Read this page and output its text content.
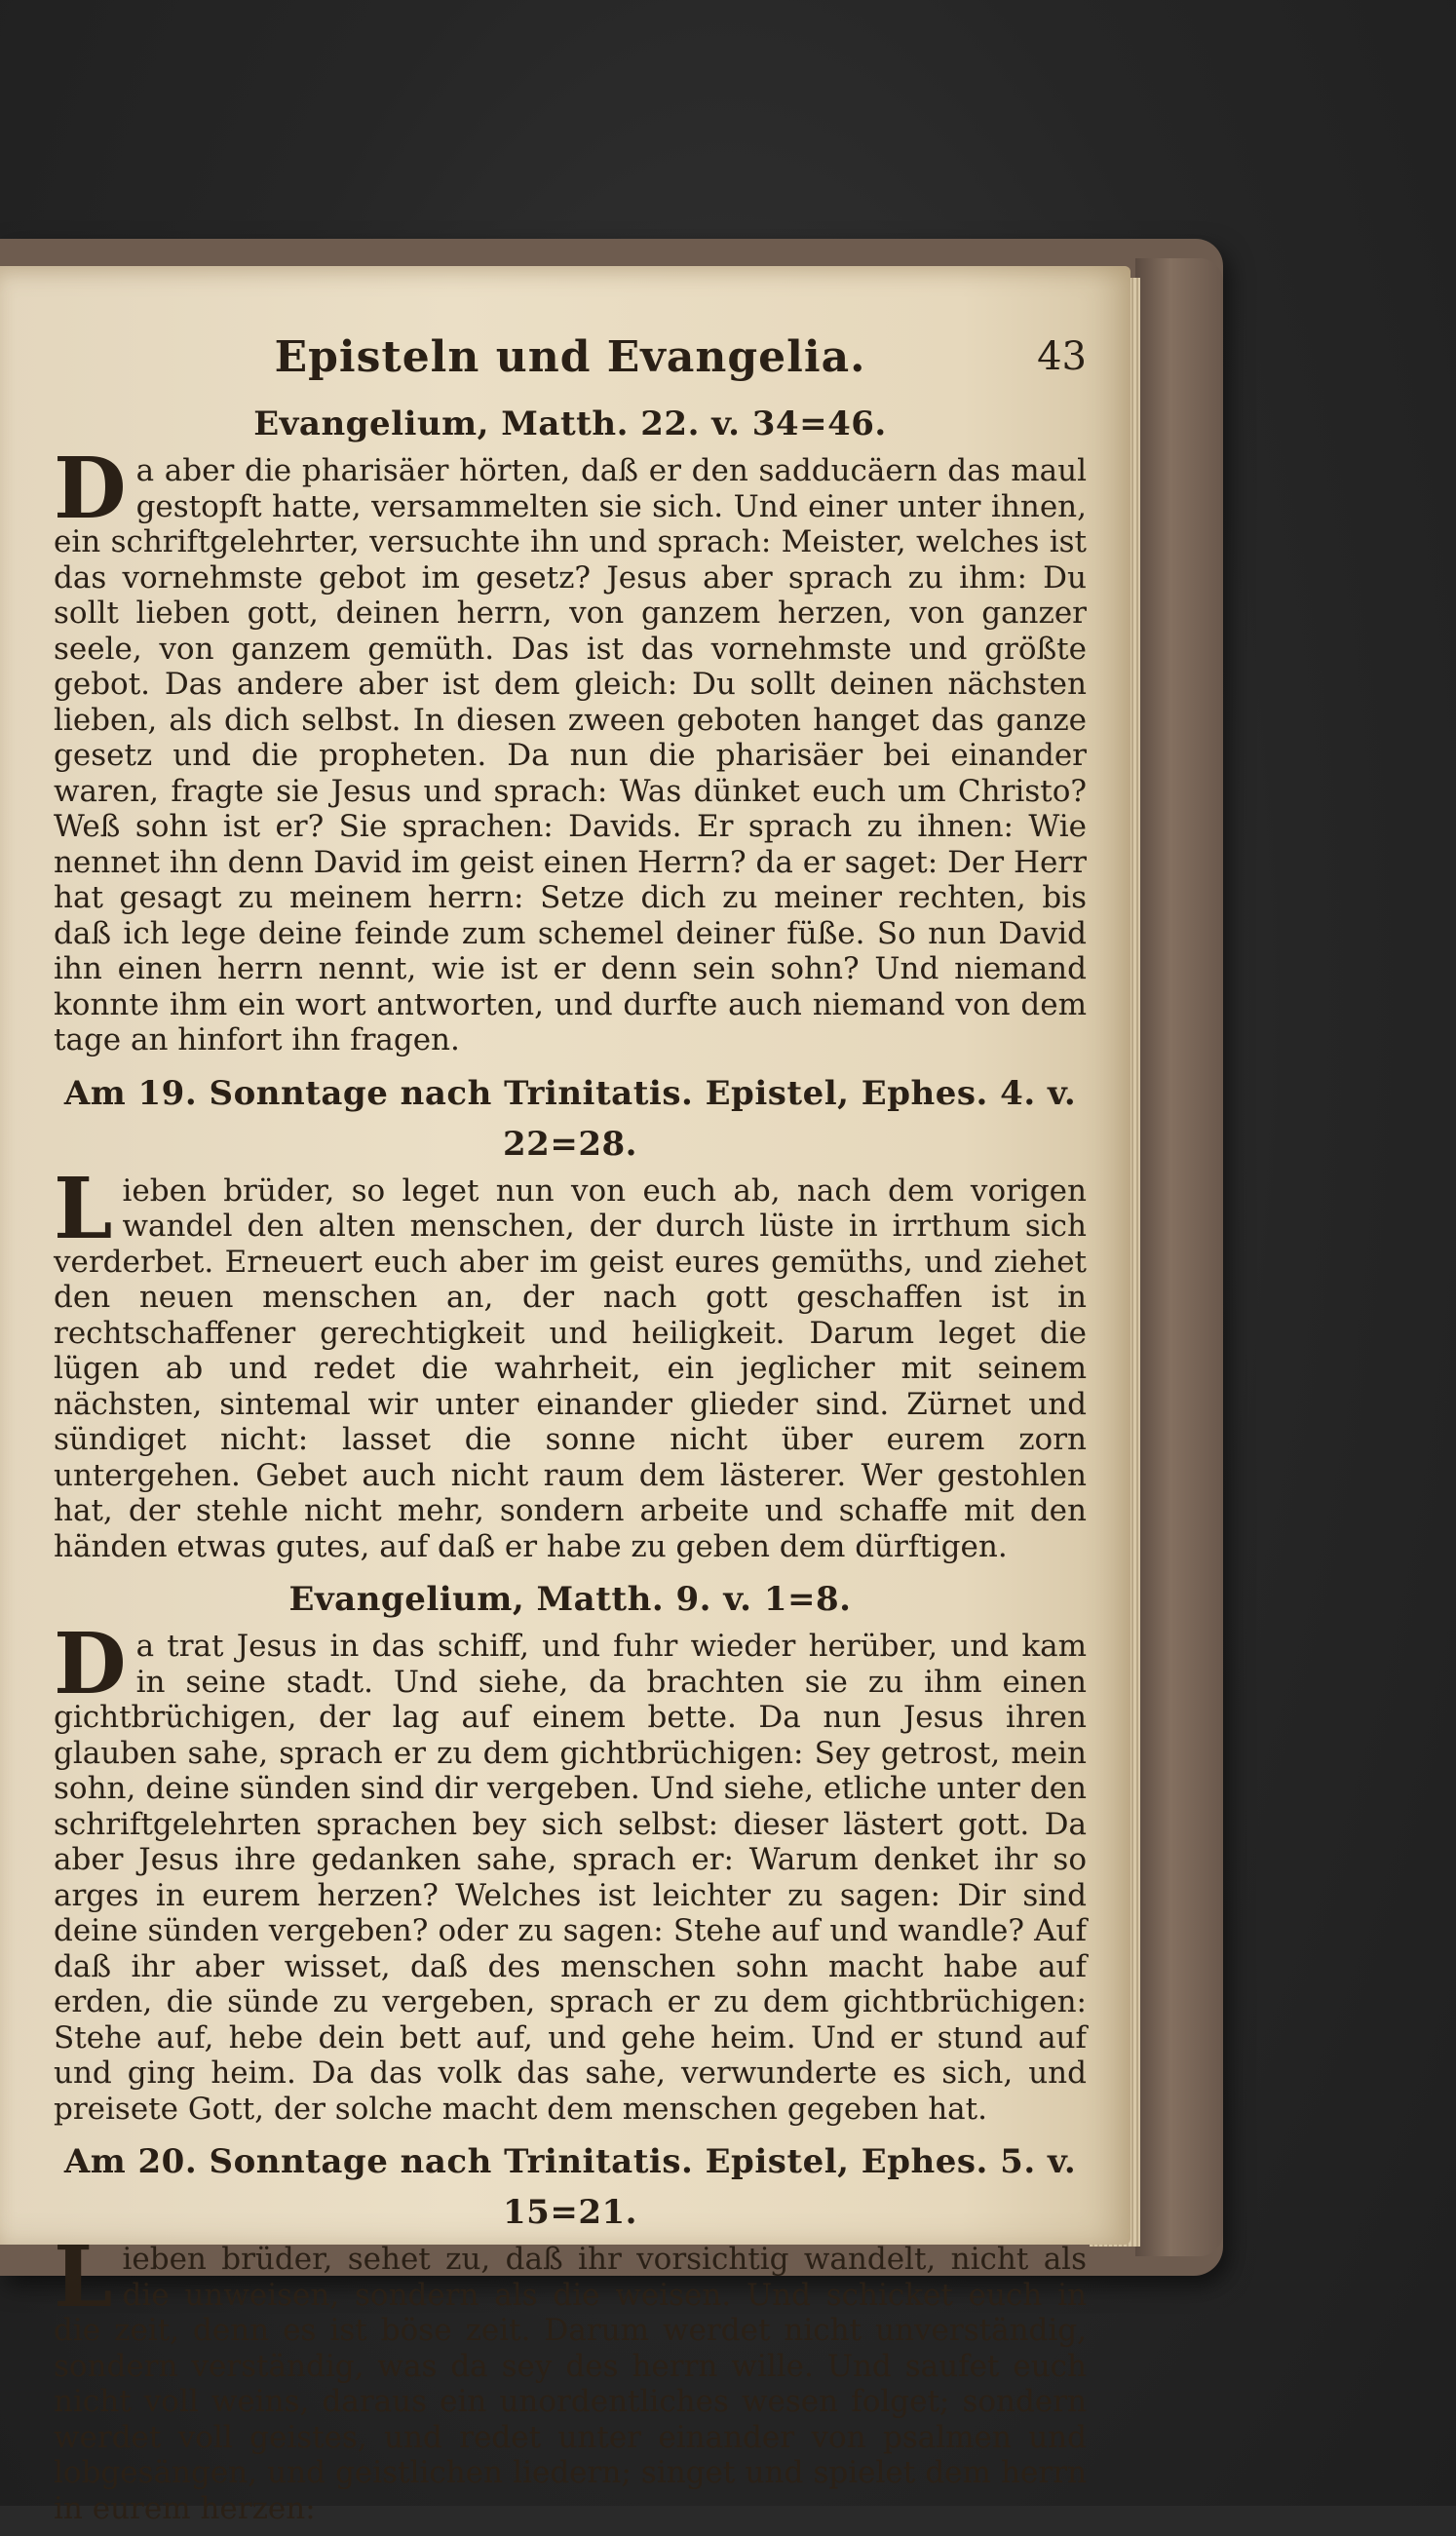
Episteln und Evangelia.	43
Evangelium, Matth. 22. v. 34=46.
D a aber die pharisäer hörten, daß er den sadducäern das maul gestopft hatte, versammelten sie sich. Und einer unter ihnen, ein schriftgelehrter, versuchte ihn und sprach: Meister, welches ist das vornehmste gebot im gesetz? Jesus aber sprach zu ihm: Du sollt lieben gott, deinen herrn, von ganzem herzen, von ganzer seele, von ganzem gemüth. Das ist das vornehmste und größte gebot. Das andere aber ist dem gleich: Du sollt deinen nächsten lieben, als dich selbst. In diesen zween geboten hanget das ganze gesetz und die propheten. Da nun die pharisäer bei einander waren, fragte sie Jesus und sprach: Was dünket euch um Christo? Weß sohn ist er? Sie sprachen: Davids. Er sprach zu ihnen: Wie nennet ihn denn David im geist einen Herrn? da er saget: Der Herr hat gesagt zu meinem herrn: Setze dich zu meiner rechten, bis daß ich lege deine feinde zum schemel deiner füße. So nun David ihn einen herrn nennt, wie ist er denn sein sohn? Und niemand konnte ihm ein wort antworten, und durfte auch niemand von dem tage an hinfort ihn fragen.
Am 19. Sonntage nach Trinitatis. Epistel, Ephes. 4. v. 22=28.
L ieben brüder, so leget nun von euch ab, nach dem vorigen wandel den alten menschen, der durch lüste in irrthum sich verderbet. Erneuert euch aber im geist eures gemüths, und ziehet den neuen menschen an, der nach gott geschaffen ist in rechtschaffener gerechtigkeit und heiligkeit. Darum leget die lügen ab und redet die wahrheit, ein jeglicher mit seinem nächsten, sintemal wir unter einander glieder sind. Zürnet und sündiget nicht: lasset die sonne nicht über eurem zorn untergehen. Gebet auch nicht raum dem lästerer. Wer gestohlen hat, der stehle nicht mehr, sondern arbeite und schaffe mit den händen etwas gutes, auf daß er habe zu geben dem dürftigen.
Evangelium, Matth. 9. v. 1=8.
D a trat Jesus in das schiff, und fuhr wieder herüber, und kam in seine stadt. Und siehe, da brachten sie zu ihm einen gichtbrüchigen, der lag auf einem bette. Da nun Jesus ihren glauben sahe, sprach er zu dem gichtbrüchigen: Sey getrost, mein sohn, deine sünden sind dir vergeben. Und siehe, etliche unter den schriftgelehrten sprachen bey sich selbst: dieser lästert gott. Da aber Jesus ihre gedanken sahe, sprach er: Warum denket ihr so arges in eurem herzen? Welches ist leichter zu sagen: Dir sind deine sünden vergeben? oder zu sagen: Stehe auf und wandle? Auf daß ihr aber wisset, daß des menschen sohn macht habe auf erden, die sünde zu vergeben, sprach er zu dem gichtbrüchigen: Stehe auf, hebe dein bett auf, und gehe heim. Und er stund auf und ging heim. Da das volk das sahe, verwunderte es sich, und preisete Gott, der solche macht dem menschen gegeben hat.
Am 20. Sonntage nach Trinitatis. Epistel, Ephes. 5. v. 15=21.
L ieben brüder, sehet zu, daß ihr vorsichtig wandelt, nicht als die unweisen, sondern als die weisen. Und schicket euch in die zeit, denn es ist böse zeit. Darum werdet nicht unverständig, sondern verständig, was da sey des herrn wille. Und saufet euch nicht voll weins, daraus ein unordentliches wesen folget; sondern werdet voll geistes, und redet unter einander von psalmen und lobgesängen, und geistlichen liedern; singet und spielet dem herrn in eurem herzen:
